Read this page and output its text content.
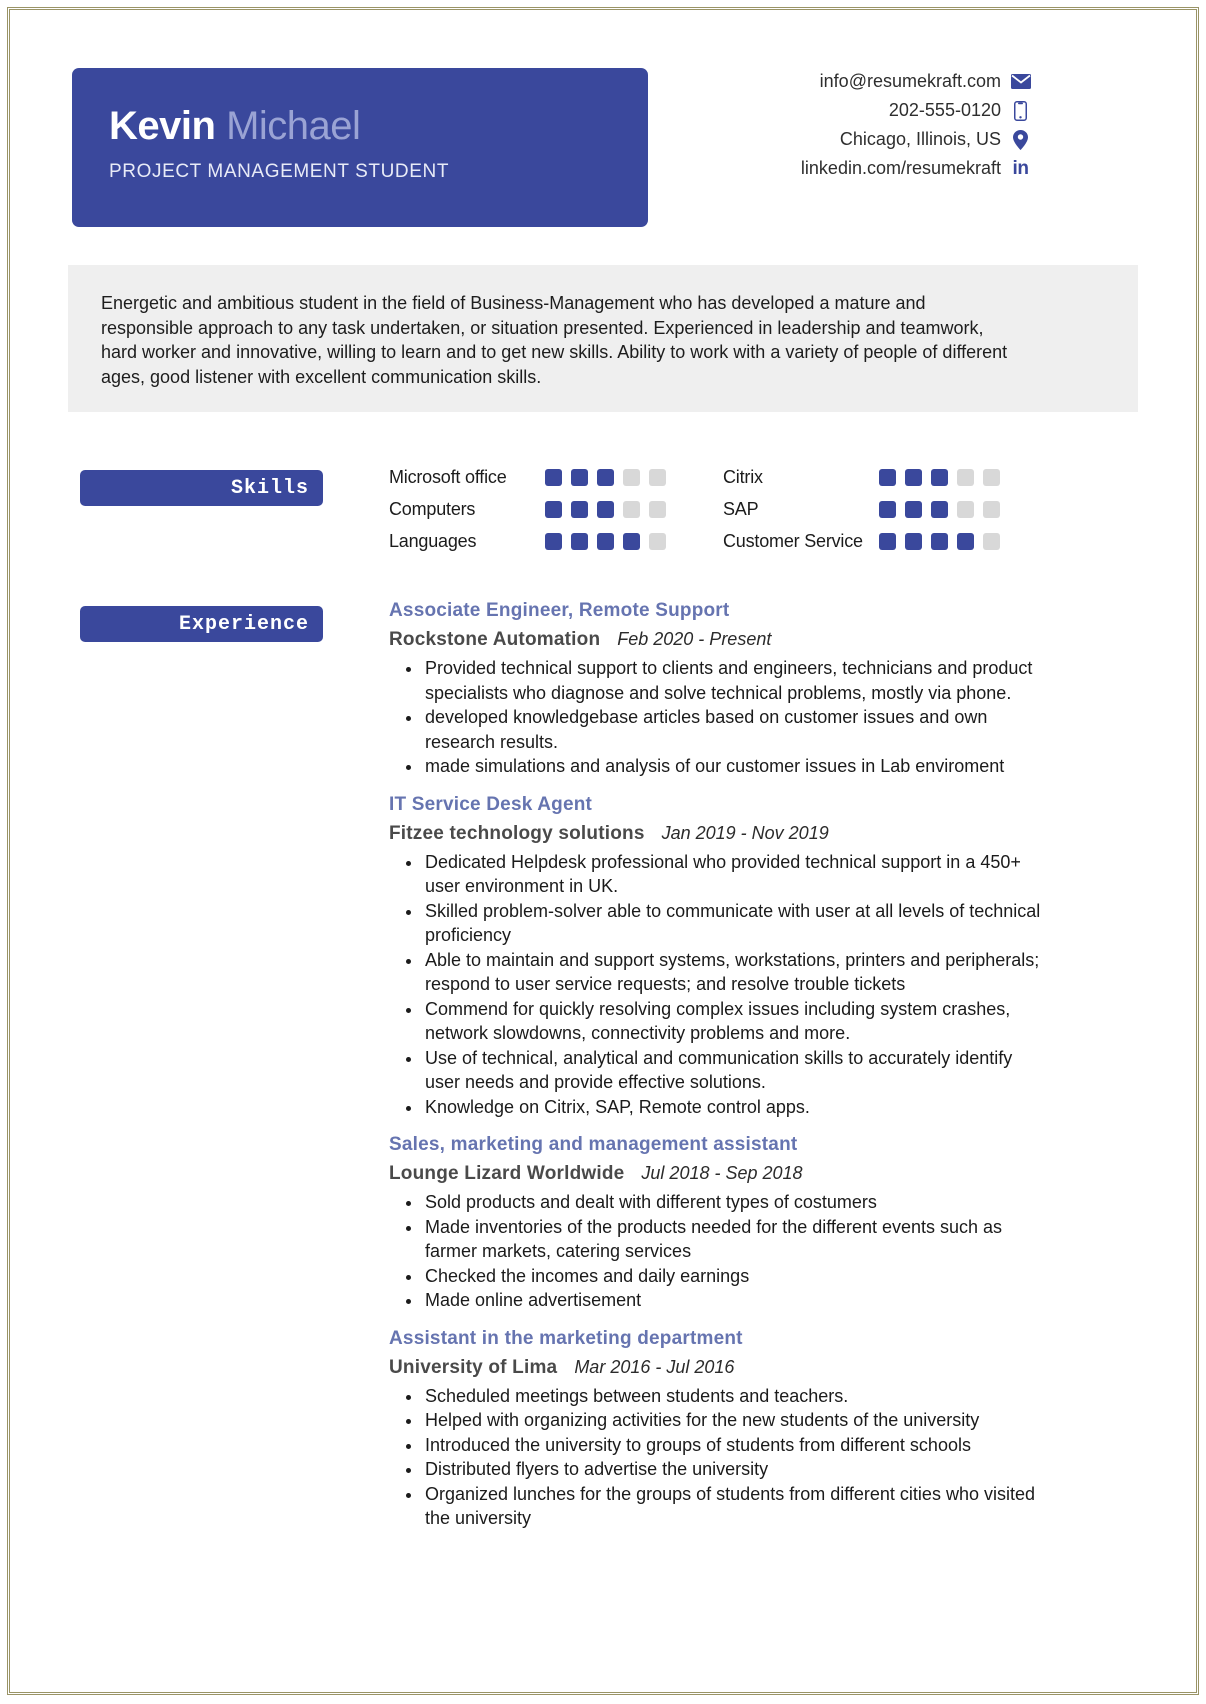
Kevin Michael
PROJECT MANAGEMENT STUDENT
info@resumekraft.com
202-555-0120
Chicago, Illinois, US
linkedin.com/resumekraft in
Energetic and ambitious student in the field of Business-Management who has developed a mature and responsible approach to any task undertaken, or situation presented. Experienced in leadership and teamwork, hard worker and innovative, willing to learn and to get new skills. Ability to work with a variety of people of different ages, good listener with excellent communication skills.
Skills	Microsoft office
Computers
Languages
Citrix
SAP
Customer Service
Experience
Associate Engineer, Remote Support
Rockstone Automation Feb 2020 - Present
• Provided technical support to clients and engineers, technicians and product specialists who diagnose and solve technical problems, mostly via phone.
• developed knowledgebase articles based on customer issues and own research results.
• made simulations and analysis of our customer issues in Lab enviroment
IT Service Desk Agent
Fitzee technology solutions Jan 2019 - Nov 2019
• Dedicated Helpdesk professional who provided technical support in a 450+ user environment in UK.
• Skilled problem-solver able to communicate with user at all levels of technical proficiency
• Able to maintain and support systems, workstations, printers and peripherals; respond to user service requests; and resolve trouble tickets
• Commend for quickly resolving complex issues including system crashes, network slowdowns, connectivity problems and more.
• Use of technical, analytical and communication skills to accurately identify user needs and provide effective solutions.
• Knowledge on Citrix, SAP, Remote control apps.
Sales, marketing and management assistant
Lounge Lizard Worldwide Jul 2018 - Sep 2018
• Sold products and dealt with different types of costumers
• Made inventories of the products needed for the different events such as farmer markets, catering services
• Checked the incomes and daily earnings
• Made online advertisement
Assistant in the marketing department
University of Lima Mar 2016 - Jul 2016
• Scheduled meetings between students and teachers.
• Helped with organizing activities for the new students of the university
• Introduced the university to groups of students from different schools
• Distributed flyers to advertise the university
• Organized lunches for the groups of students from different cities who visited the university
